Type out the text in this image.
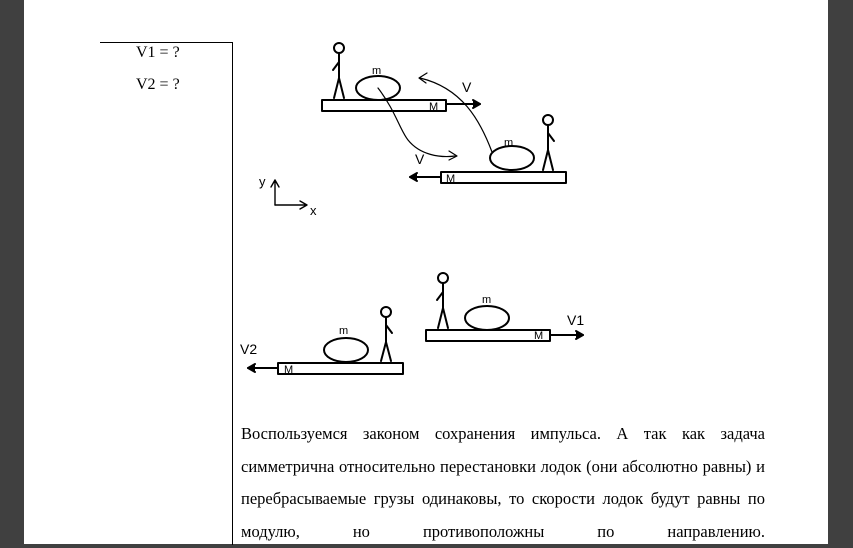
V1 = ?
V2 = ?
m
M
V
m
M
V
y
x
m
M
V1
m
M
V2
Воспользуемся законом сохранения импульса. А так как задача симметрична относительно перестановки лодок (они абсолютно равны) и перебрасываемые грузы одинаковы, то скорости лодок будут равны по модулю, но противоположны по направлению.
